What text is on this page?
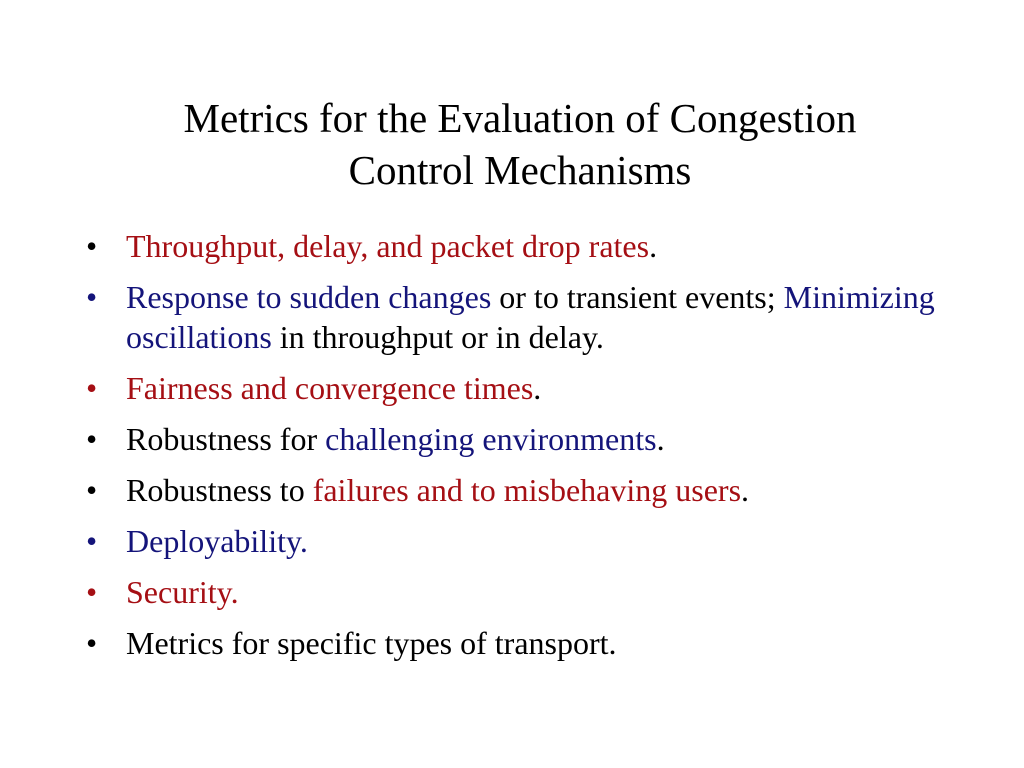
Metrics for the Evaluation of Congestion
Control Mechanisms
• Throughput, delay, and packet drop rates.
• Response to sudden changes or to transient events; Minimizing oscillations in throughput or in delay.
• Fairness and convergence times.
• Robustness for challenging environments.
• Robustness to failures and to misbehaving users.
• Deployability.
• Security.
• Metrics for specific types of transport.
